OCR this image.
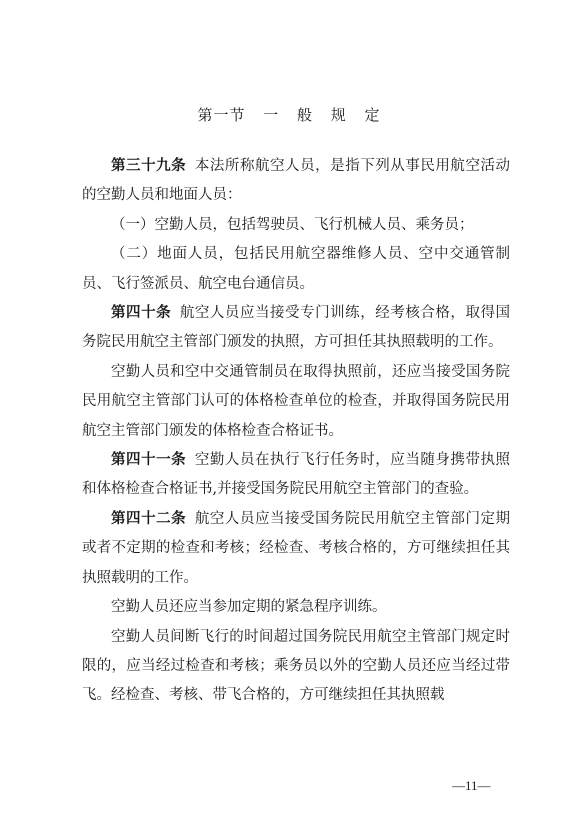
第一节 一 般 规 定

第三十九条 本法所称航空人员，是指下列从事民用航空活动的空勤人员和地面人员：

（一）空勤人员，包括驾驶员、飞行机械人员、乘务员；

（二）地面人员，包括民用航空器维修人员、空中交通管制员、飞行签派员、航空电台通信员。

第四十条 航空人员应当接受专门训练，经考核合格，取得国务院民用航空主管部门颁发的执照，方可担任其执照载明的工作。

空勤人员和空中交通管制员在取得执照前，还应当接受国务院民用航空主管部门认可的体格检查单位的检查，并取得国务院民用航空主管部门颁发的体格检查合格证书。

第四十一条 空勤人员在执行飞行任务时，应当随身携带执照和体格检查合格证书,并接受国务院民用航空主管部门的查验。

第四十二条 航空人员应当接受国务院民用航空主管部门定期或者不定期的检查和考核；经检查、考核合格的，方可继续担任其执照载明的工作。

空勤人员还应当参加定期的紧急程序训练。

空勤人员间断飞行的时间超过国务院民用航空主管部门规定时限的，应当经过检查和考核；乘务员以外的空勤人员还应当经过带飞。经检查、考核、带飞合格的，方可继续担任其执照载

—11—
